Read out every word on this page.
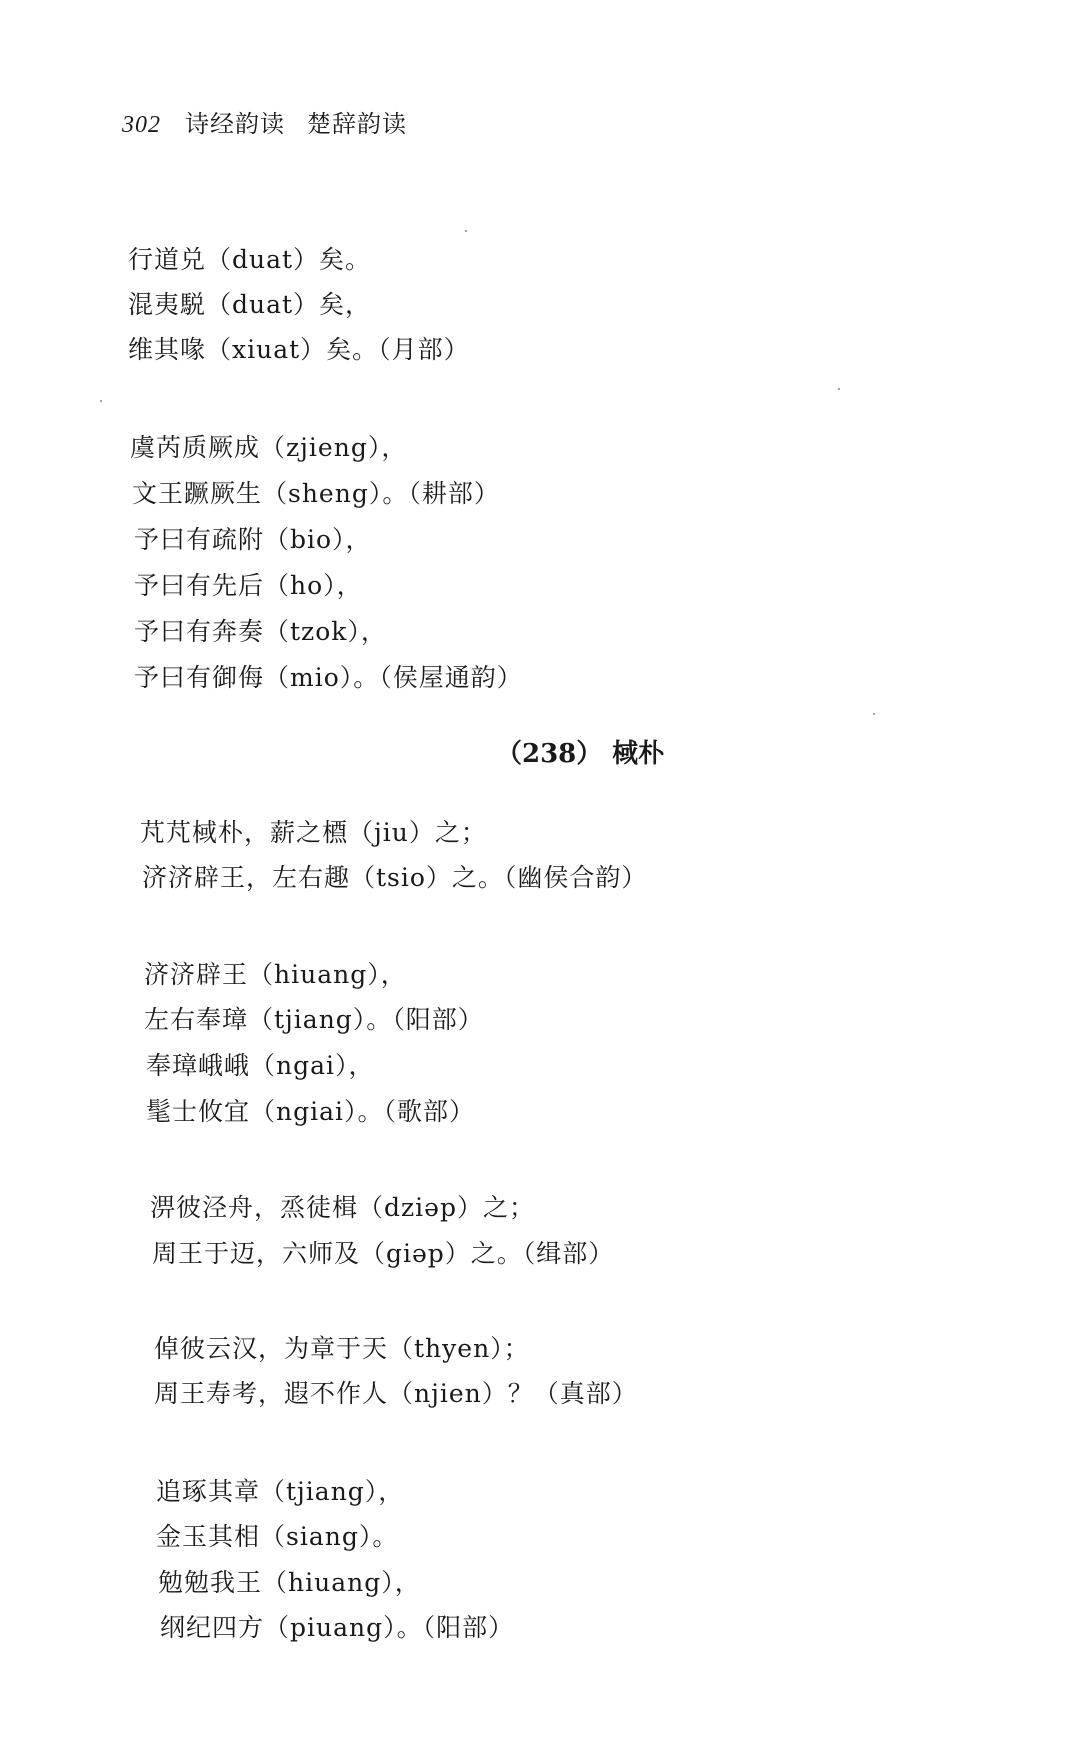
302 诗经韵读 楚辞韵读
行道兑（duat）矣。
混夷駾（duat）矣，
维其喙（xiuat）矣。（月部）
虞芮质厥成（zjieng），
文王蹶厥生（sheng）。（耕部）
予曰有疏附（bio），
予曰有先后（ho），
予曰有奔奏（tzok），
予曰有御侮（mio）。（侯屋通韵）
（238） 棫朴
芃芃棫朴，薪之槱（jiu）之；
济济辟王，左右趣（tsio）之。（幽侯合韵）
济济辟王（hiuang），
左右奉璋（tjiang）。（阳部）
奉璋峨峨（ngai），
髦士攸宜（ngiai）。（歌部）
淠彼泾舟，烝徒楫（dziəp）之；
周王于迈，六师及（giəp）之。（缉部）
倬彼云汉，为章于天（thyen）；
周王寿考，遐不作人（njien）？（真部）
追琢其章（tjiang），
金玉其相（siang）。
勉勉我王（hiuang），
纲纪四方（piuang）。（阳部）
